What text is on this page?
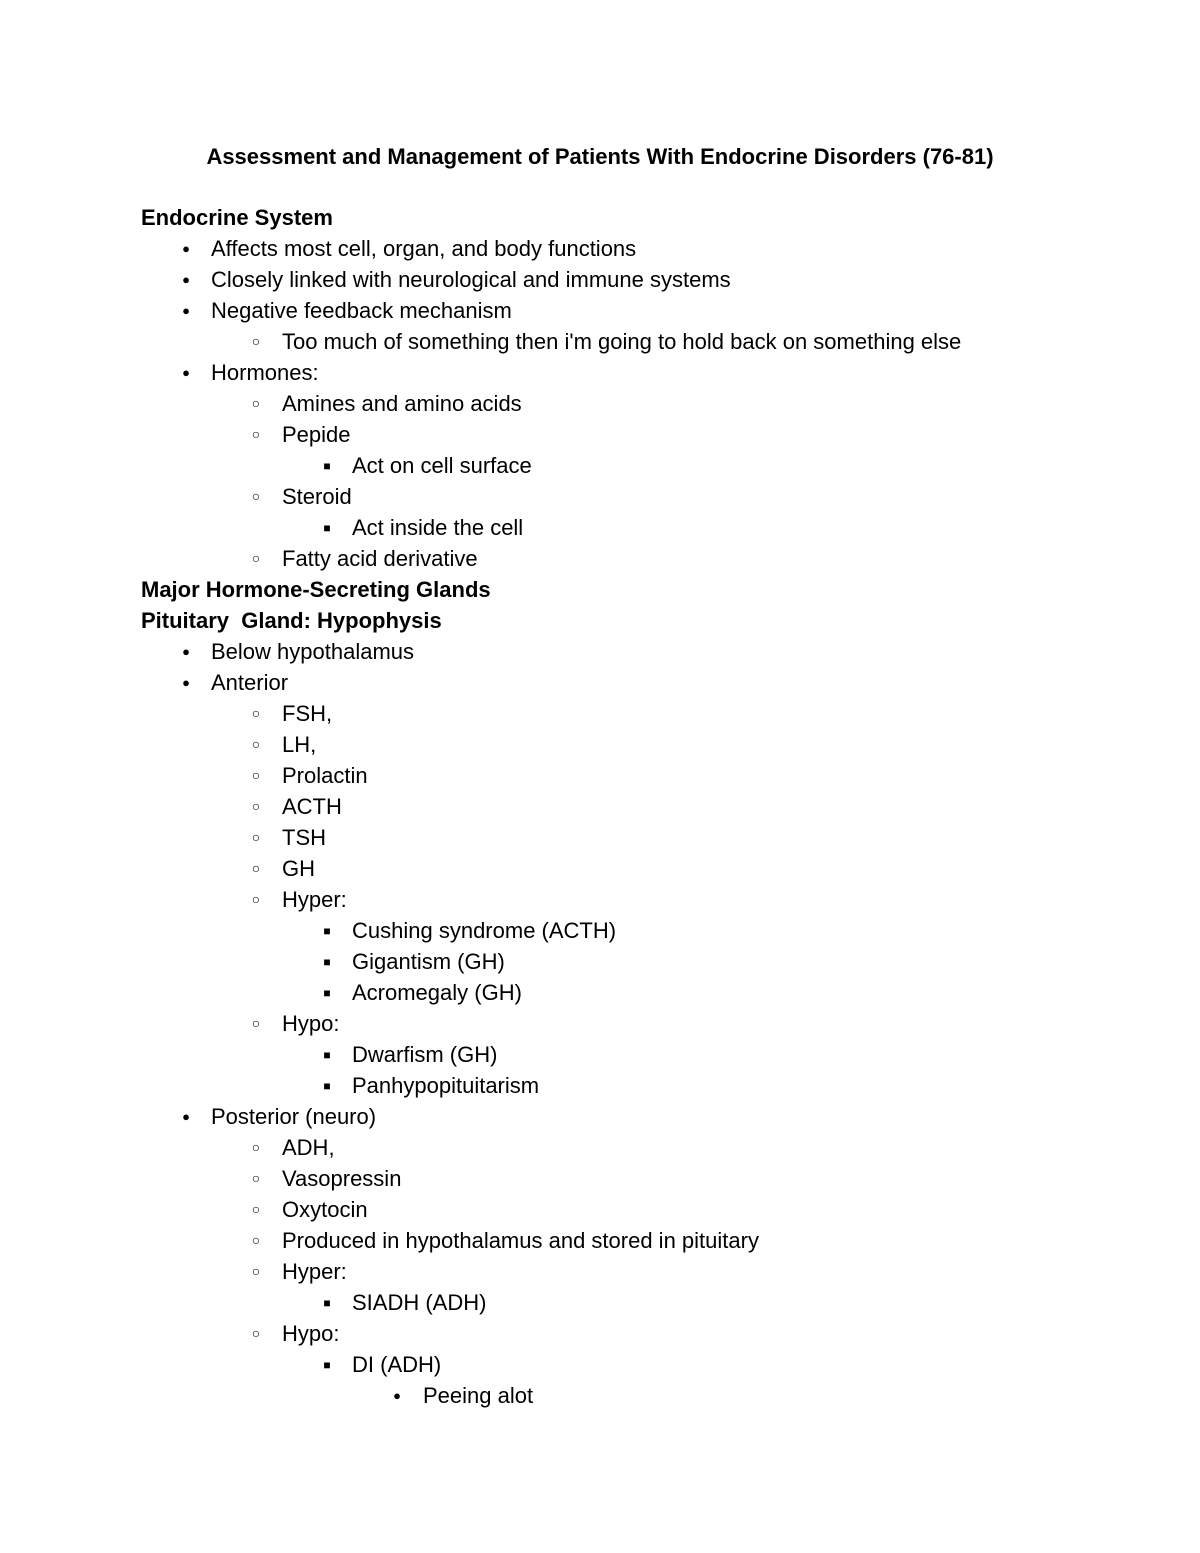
Assessment and Management of Patients With Endocrine Disorders (76-81)
Endocrine System
●
Affects most cell, organ, and body functions
●
Closely linked with neurological and immune systems
●
Negative feedback mechanism
○
Too much of something then i'm going to hold back on something else
●
Hormones:
○
Amines and amino acids
○
Pepide
■
Act on cell surface
○
Steroid
■
Act inside the cell
○
Fatty acid derivative
Major Hormone-Secreting Glands
Pituitary  Gland: Hypophysis
●
Below hypothalamus
●
Anterior
○
FSH,
○
LH,
○
Prolactin
○
ACTH
○
TSH
○
GH
○
Hyper:
■
Cushing syndrome (ACTH)
■
Gigantism (GH)
■
Acromegaly (GH)
○
Hypo:
■
Dwarfism (GH)
■
Panhypopituitarism
●
Posterior (neuro)
○
ADH,
○
Vasopressin
○
Oxytocin
○
Produced in hypothalamus and stored in pituitary
○
Hyper:
■
SIADH (ADH)
○
Hypo:
■
DI (ADH)
●
Peeing alot
